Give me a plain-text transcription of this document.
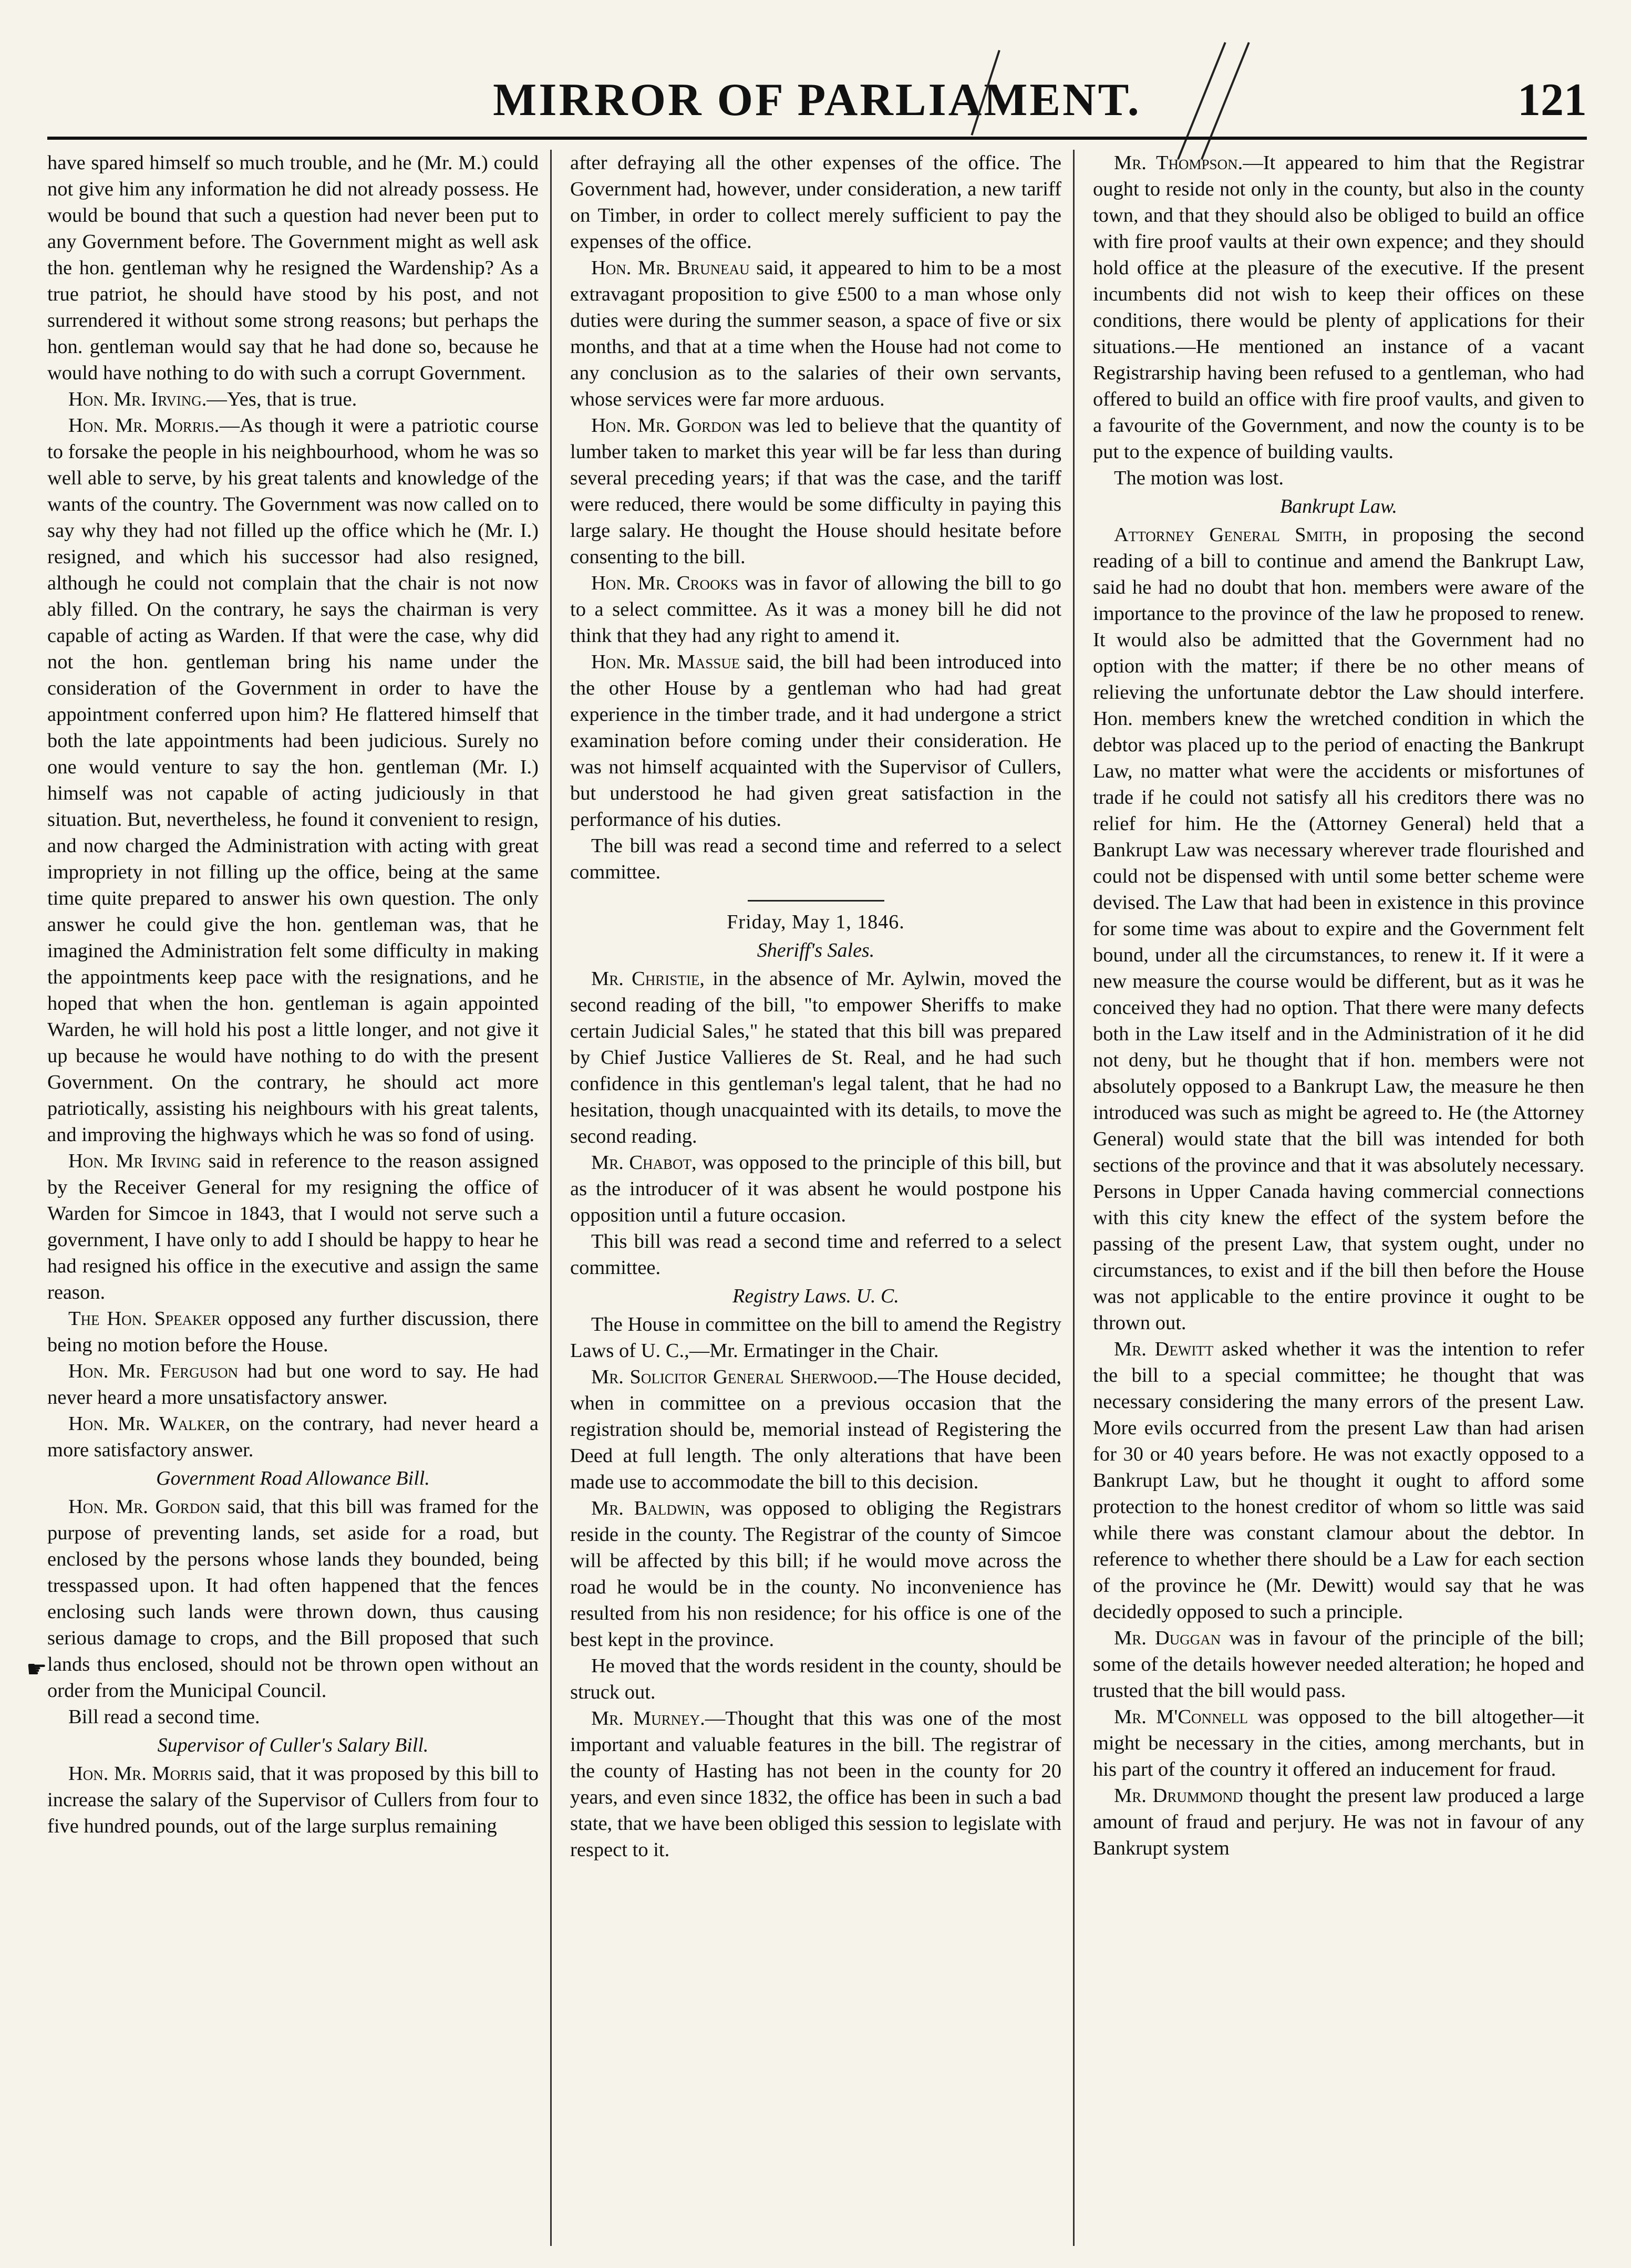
MIRROR OF PARLIAMENT.	121

have spared himself so much trouble, and he (Mr. M.) could not give him any information he did not already possess. He would be bound that such a question had never been put to any Government before. The Government might as well ask the hon. gentleman why he resigned the Wardenship? As a true patriot, he should have stood by his post, and not surrendered it without some strong reasons; but perhaps the hon. gentleman would say that he had done so, because he would have nothing to do with such a corrupt Government.

Hon. Mr. Irving.—Yes, that is true.

Hon. Mr. Morris.—As though it were a patriotic course to forsake the people in his neighbourhood, whom he was so well able to serve, by his great talents and knowledge of the wants of the country. The Government was now called on to say why they had not filled up the office which he (Mr. I.) resigned, and which his successor had also resigned, although he could not complain that the chair is not now ably filled. On the contrary, he says the chairman is very capable of acting as Warden. If that were the case, why did not the hon. gentleman bring his name under the consideration of the Government in order to have the appointment conferred upon him? He flattered himself that both the late appointments had been judicious. Surely no one would venture to say the hon. gentleman (Mr. I.) himself was not capable of acting judiciously in that situation. But, nevertheless, he found it convenient to resign, and now charged the Administration with acting with great impropriety in not filling up the office, being at the same time quite prepared to answer his own question. The only answer he could give the hon. gentleman was, that he imagined the Administration felt some difficulty in making the appointments keep pace with the resignations, and he hoped that when the hon. gentleman is again appointed Warden, he will hold his post a little longer, and not give it up because he would have nothing to do with the present Government. On the contrary, he should act more patriotically, assisting his neighbours with his great talents, and improving the highways which he was so fond of using.

Hon. Mr Irving said in reference to the reason assigned by the Receiver General for my resigning the office of Warden for Simcoe in 1843, that I would not serve such a government, I have only to add I should be happy to hear he had resigned his office in the executive and assign the same reason.

The Hon. Speaker opposed any further discussion, there being no motion before the House.

Hon. Mr. Ferguson had but one word to say. He had never heard a more unsatisfactory answer.

Hon. Mr. Walker, on the contrary, had never heard a more satisfactory answer.

Government Road Allowance Bill.

Hon. Mr. Gordon said, that this bill was framed for the purpose of preventing lands, set aside for a road, but enclosed by the persons whose lands they bounded, being tresspassed upon. It had often happened that the fences enclosing such lands were thrown down, thus causing serious damage to crops, and the Bill proposed that such lands thus enclosed, should not be thrown open without an order from the Municipal Council.

Bill read a second time.

Supervisor of Culler's Salary Bill.

Hon. Mr. Morris said, that it was proposed by this bill to increase the salary of the Supervisor of Cullers from four to five hundred pounds, out of the large surplus remaining

after defraying all the other expenses of the office. The Government had, however, under consideration, a new tariff on Timber, in order to collect merely sufficient to pay the expenses of the office.

Hon. Mr. Bruneau said, it appeared to him to be a most extravagant proposition to give £500 to a man whose only duties were during the summer season, a space of five or six months, and that at a time when the House had not come to any conclusion as to the salaries of their own servants, whose services were far more arduous.

Hon. Mr. Gordon was led to believe that the quantity of lumber taken to market this year will be far less than during several preceding years; if that was the case, and the tariff were reduced, there would be some difficulty in paying this large salary. He thought the House should hesitate before consenting to the bill.

Hon. Mr. Crooks was in favor of allowing the bill to go to a select committee. As it was a money bill he did not think that they had any right to amend it.

Hon. Mr. Massue said, the bill had been introduced into the other House by a gentleman who had had great experience in the timber trade, and it had undergone a strict examination before coming under their consideration. He was not himself acquainted with the Supervisor of Cullers, but understood he had given great satisfaction in the performance of his duties.

The bill was read a second time and referred to a select committee.

Friday, May 1, 1846.
Sheriff's Sales.

Mr. Christie, in the absence of Mr. Aylwin, moved the second reading of the bill, "to empower Sheriffs to make certain Judicial Sales," he stated that this bill was prepared by Chief Justice Vallieres de St. Real, and he had such confidence in this gentleman's legal talent, that he had no hesitation, though unacquainted with its details, to move the second reading.

Mr. Chabot, was opposed to the principle of this bill, but as the introducer of it was absent he would postpone his opposition until a future occasion.

This bill was read a second time and referred to a select committee.

Registry Laws. U. C.

The House in committee on the bill to amend the Registry Laws of U. C.,—Mr. Ermatinger in the Chair.

Mr. Solicitor General Sherwood.—The House decided, when in committee on a previous occasion that the registration should be, memorial instead of Registering the Deed at full length. The only alterations that have been made use to accommodate the bill to this decision.

Mr. Baldwin, was opposed to obliging the Registrars reside in the county. The Registrar of the county of Simcoe will be affected by this bill; if he would move across the road he would be in the county. No inconvenience has resulted from his non residence; for his office is one of the best kept in the province.

He moved that the words resident in the county, should be struck out.

Mr. Murney.—Thought that this was one of the most important and valuable features in the bill. The registrar of the county of Hasting has not been in the county for 20 years, and even since 1832, the office has been in such a bad state, that we have been obliged this session to legislate with respect to it.

Mr. Thompson.—It appeared to him that the Registrar ought to reside not only in the county, but also in the county town, and that they should also be obliged to build an office with fire proof vaults at their own expence; and they should hold office at the pleasure of the executive. If the present incumbents did not wish to keep their offices on these conditions, there would be plenty of applications for their situations.—He mentioned an instance of a vacant Registrarship having been refused to a gentleman, who had offered to build an office with fire proof vaults, and given to a favourite of the Government, and now the county is to be put to the expence of building vaults.

The motion was lost.

Bankrupt Law.

Attorney General Smith, in proposing the second reading of a bill to continue and amend the Bankrupt Law, said he had no doubt that hon. members were aware of the importance to the province of the law he proposed to renew. It would also be admitted that the Government had no option with the matter; if there be no other means of relieving the unfortunate debtor the Law should interfere. Hon. members knew the wretched condition in which the debtor was placed up to the period of enacting the Bankrupt Law, no matter what were the accidents or misfortunes of trade if he could not satisfy all his creditors there was no relief for him. He the (Attorney General) held that a Bankrupt Law was necessary wherever trade flourished and could not be dispensed with until some better scheme were devised. The Law that had been in existence in this province for some time was about to expire and the Government felt bound, under all the circumstances, to renew it. If it were a new measure the course would be different, but as it was he conceived they had no option. That there were many defects both in the Law itself and in the Administration of it he did not deny, but he thought that if hon. members were not absolutely opposed to a Bankrupt Law, the measure he then introduced was such as might be agreed to. He (the Attorney General) would state that the bill was intended for both sections of the province and that it was absolutely necessary. Persons in Upper Canada having commercial connections with this city knew the effect of the system before the passing of the present Law, that system ought, under no circumstances, to exist and if the bill then before the House was not applicable to the entire province it ought to be thrown out.

Mr. Dewitt asked whether it was the intention to refer the bill to a special committee; he thought that was necessary considering the many errors of the present Law. More evils occurred from the present Law than had arisen for 30 or 40 years before. He was not exactly opposed to a Bankrupt Law, but he thought it ought to afford some protection to the honest creditor of whom so little was said while there was constant clamour about the debtor. In reference to whether there should be a Law for each section of the province he (Mr. Dewitt) would say that he was decidedly opposed to such a principle.

Mr. Duggan was in favour of the principle of the bill; some of the details however needed alteration; he hoped and trusted that the bill would pass.

Mr. M'Connell was opposed to the bill altogether—it might be necessary in the cities, among merchants, but in his part of the country it offered an inducement for fraud.

Mr. Drummond thought the present law produced a large amount of fraud and perjury. He was not in favour of any Bankrupt system

☛
